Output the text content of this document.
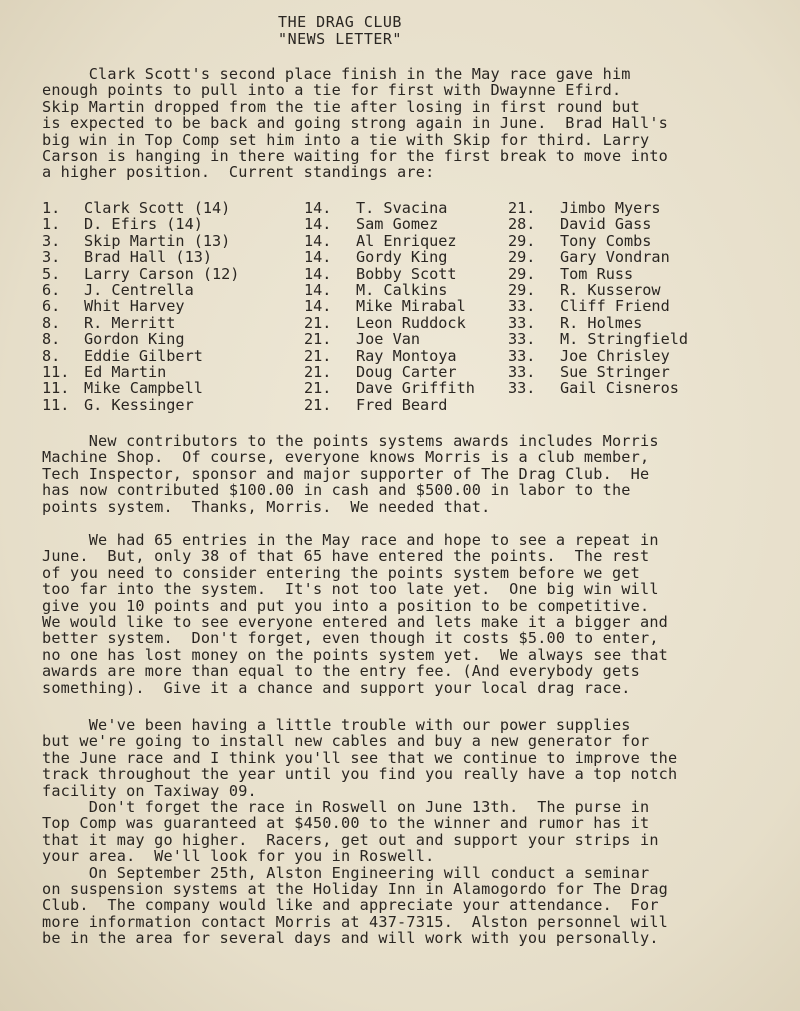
THE DRAG CLUB
"NEWS LETTER"
Clark Scott's second place finish in the May race gave him
enough points to pull into a tie for first with Dwaynne Efird.
Skip Martin dropped from the tie after losing in first round but
is expected to be back and going strong again in June.  Brad Hall's
big win in Top Comp set him into a tie with Skip for third. Larry
Carson is hanging in there waiting for the first break to move into
a higher position.  Current standings are:
1. Clark Scott (14)
1. D. Efirs (14)
3. Skip Martin (13)
3. Brad Hall (13)
5. Larry Carson (12)
6. J. Centrella
6. Whit Harvey
8. R. Merritt
8. Gordon King
8. Eddie Gilbert
11. Ed Martin
11. Mike Campbell
11. G. Kessinger
14. T. Svacina
14. Sam Gomez
14. Al Enriquez
14. Gordy King
14. Bobby Scott
14. M. Calkins
14. Mike Mirabal
21. Leon Ruddock
21. Joe Van
21. Ray Montoya
21. Doug Carter
21. Dave Griffith
21. Fred Beard
21. Jimbo Myers
28. David Gass
29. Tony Combs
29. Gary Vondran
29. Tom Russ
29. R. Kusserow
33. Cliff Friend
33. R. Holmes
33. M. Stringfield
33. Joe Chrisley
33. Sue Stringer
33. Gail Cisneros
New contributors to the points systems awards includes Morris
Machine Shop.  Of course, everyone knows Morris is a club member,
Tech Inspector, sponsor and major supporter of The Drag Club.  He
has now contributed $100.00 in cash and $500.00 in labor to the
points system.  Thanks, Morris.  We needed that.
We had 65 entries in the May race and hope to see a repeat in
June.  But, only 38 of that 65 have entered the points.  The rest
of you need to consider entering the points system before we get
too far into the system.  It's not too late yet.  One big win will
give you 10 points and put you into a position to be competitive.
We would like to see everyone entered and lets make it a bigger and
better system.  Don't forget, even though it costs $5.00 to enter,
no one has lost money on the points system yet.  We always see that
awards are more than equal to the entry fee. (And everybody gets
something).  Give it a chance and support your local drag race.
We've been having a little trouble with our power supplies
but we're going to install new cables and buy a new generator for
the June race and I think you'll see that we continue to improve the
track throughout the year until you find you really have a top notch
facility on Taxiway 09.
Don't forget the race in Roswell on June 13th.  The purse in
Top Comp was guaranteed at $450.00 to the winner and rumor has it
that it may go higher.  Racers, get out and support your strips in
your area.  We'll look for you in Roswell.
On September 25th, Alston Engineering will conduct a seminar
on suspension systems at the Holiday Inn in Alamogordo for The Drag
Club.  The company would like and appreciate your attendance.  For
more information contact Morris at 437-7315.  Alston personnel will
be in the area for several days and will work with you personally.
